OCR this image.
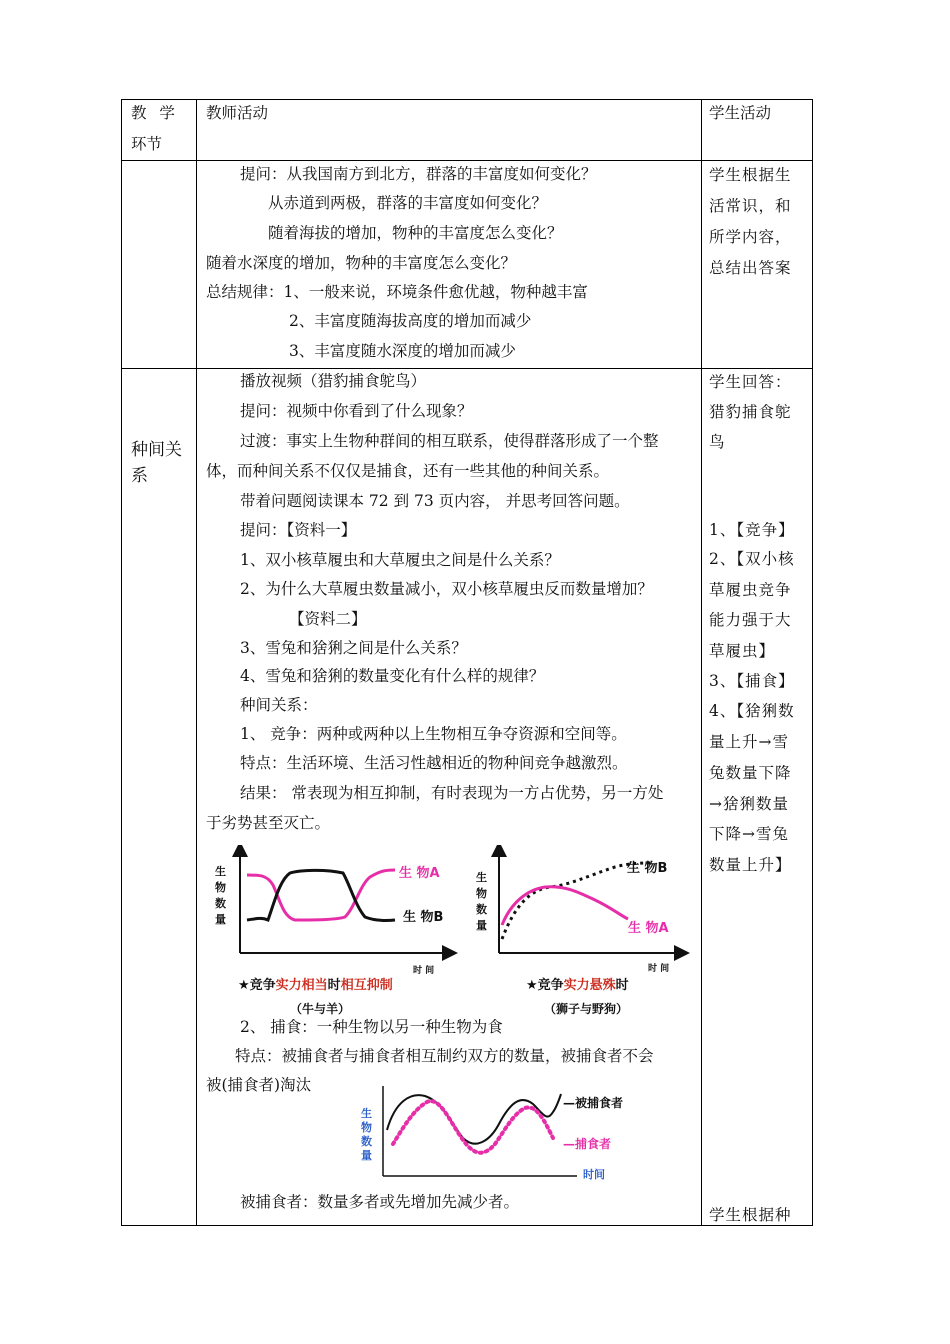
教 学
环节
教师活动	学生活动
提问：从我国南方到北方，群落的丰富度如何变化？
从赤道到两极，群落的丰富度如何变化？
随着海拔的增加，物种的丰富度怎么变化？
随着水深度的增加，物种的丰富度怎么变化？
总结规律：1、一般来说，环境条件愈优越，物种越丰富
2、丰富度随海拔高度的增加而减少
3、丰富度随水深度的增加而减少
学生根据生
活常识，和
所学内容，
总结出答案
种间关
系
播放视频（猎豹捕食鸵鸟）
提问：视频中你看到了什么现象？
过渡：事实上生物种群间的相互联系，使得群落形成了一个整
体，而种间关系不仅仅是捕食，还有一些其他的种间关系。
带着问题阅读课本 72 到 73 页内容， 并思考回答问题。
提问：【资料一】
1、双小核草履虫和大草履虫之间是什么关系？
2、为什么大草履虫数量减小，双小核草履虫反而数量增加？
【资料二】
3、雪兔和猞猁之间是什么关系？
4、雪兔和猞猁的数量变化有什么样的规律？
种间关系：
1、 竞争：两种或两种以上生物相互争夺资源和空间等。
特点：生活环境、生活习性越相近的物种间竞争越激烈。
结果： 常表现为相互抑制，有时表现为一方占优势，另一方处
于劣势甚至灭亡。
2、 捕食：一种生物以另一种生物为食
特点：被捕食者与捕食者相互制约双方的数量，被捕食者不会
被(捕食者)淘汰
被捕食者：数量多者或先增加先减少者。
学生回答：
猎豹捕食鸵
鸟
1、【竞争】
2、【双小核
草履虫竞争
能力强于大
草履虫】
3、【捕食】
4、【猞猁数
量上升→雪
兔数量下降
→猞猁数量
下降→雪兔
数量上升】
学生根据种
生
物
数
量
生 物A
生 物B
时 间
★竞争实力相当时相互抑制
（牛与羊）
生
物
数
量
生 物B
生 物A
时 间
★竞争实力悬殊时
（狮子与野狗）
生
物
数
量
—被捕食者
—捕食者
时间
